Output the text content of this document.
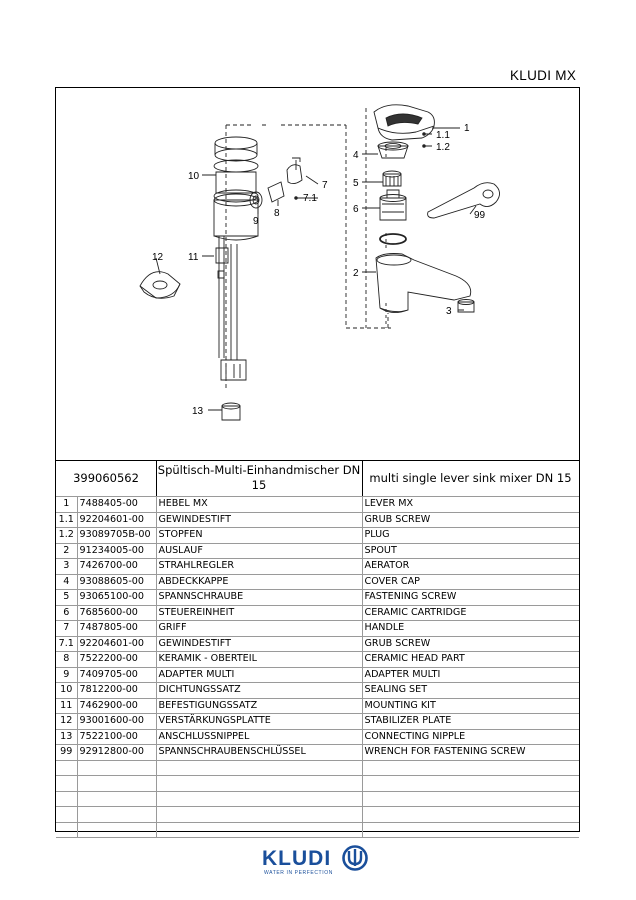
KLUDI MX
1
1.1
1.2
2
3
4
5
6
7
7.1
8
9
10
11
12
13
99
399060562
Spültisch-Multi-Einhandmischer DN 15	multi single lever sink mixer DN 15
1	7488405-00	HEBEL MX	LEVER MX
1.1	92204601-00	GEWINDESTIFT	GRUB SCREW
1.2	93089705B-00	STOPFEN	PLUG
2	91234005-00	AUSLAUF	SPOUT
3	7426700-00	STRAHLREGLER	AERATOR
4	93088605-00	ABDECKKAPPE	COVER CAP
5	93065100-00	SPANNSCHRAUBE	FASTENING SCREW
6	7685600-00	STEUEREINHEIT	CERAMIC CARTRIDGE
7	7487805-00	GRIFF	HANDLE
7.1	92204601-00	GEWINDESTIFT	GRUB SCREW
8	7522200-00	KERAMIK - OBERTEIL	CERAMIC HEAD PART
9	7409705-00	ADAPTER MULTI	ADAPTER MULTI
10	7812200-00	DICHTUNGSSATZ	SEALING SET
11	7462900-00	BEFESTIGUNGSSATZ	MOUNTING KIT
12	93001600-00	VERSTÄRKUNGSPLATTE	STABILIZER PLATE
13	7522100-00	ANSCHLUSSNIPPEL	CONNECTING NIPPLE
99	92912800-00	SPANNSCHRAUBENSCHLÜSSEL	WRENCH FOR FASTENING SCREW

KLUDI
WATER IN PERFECTION
